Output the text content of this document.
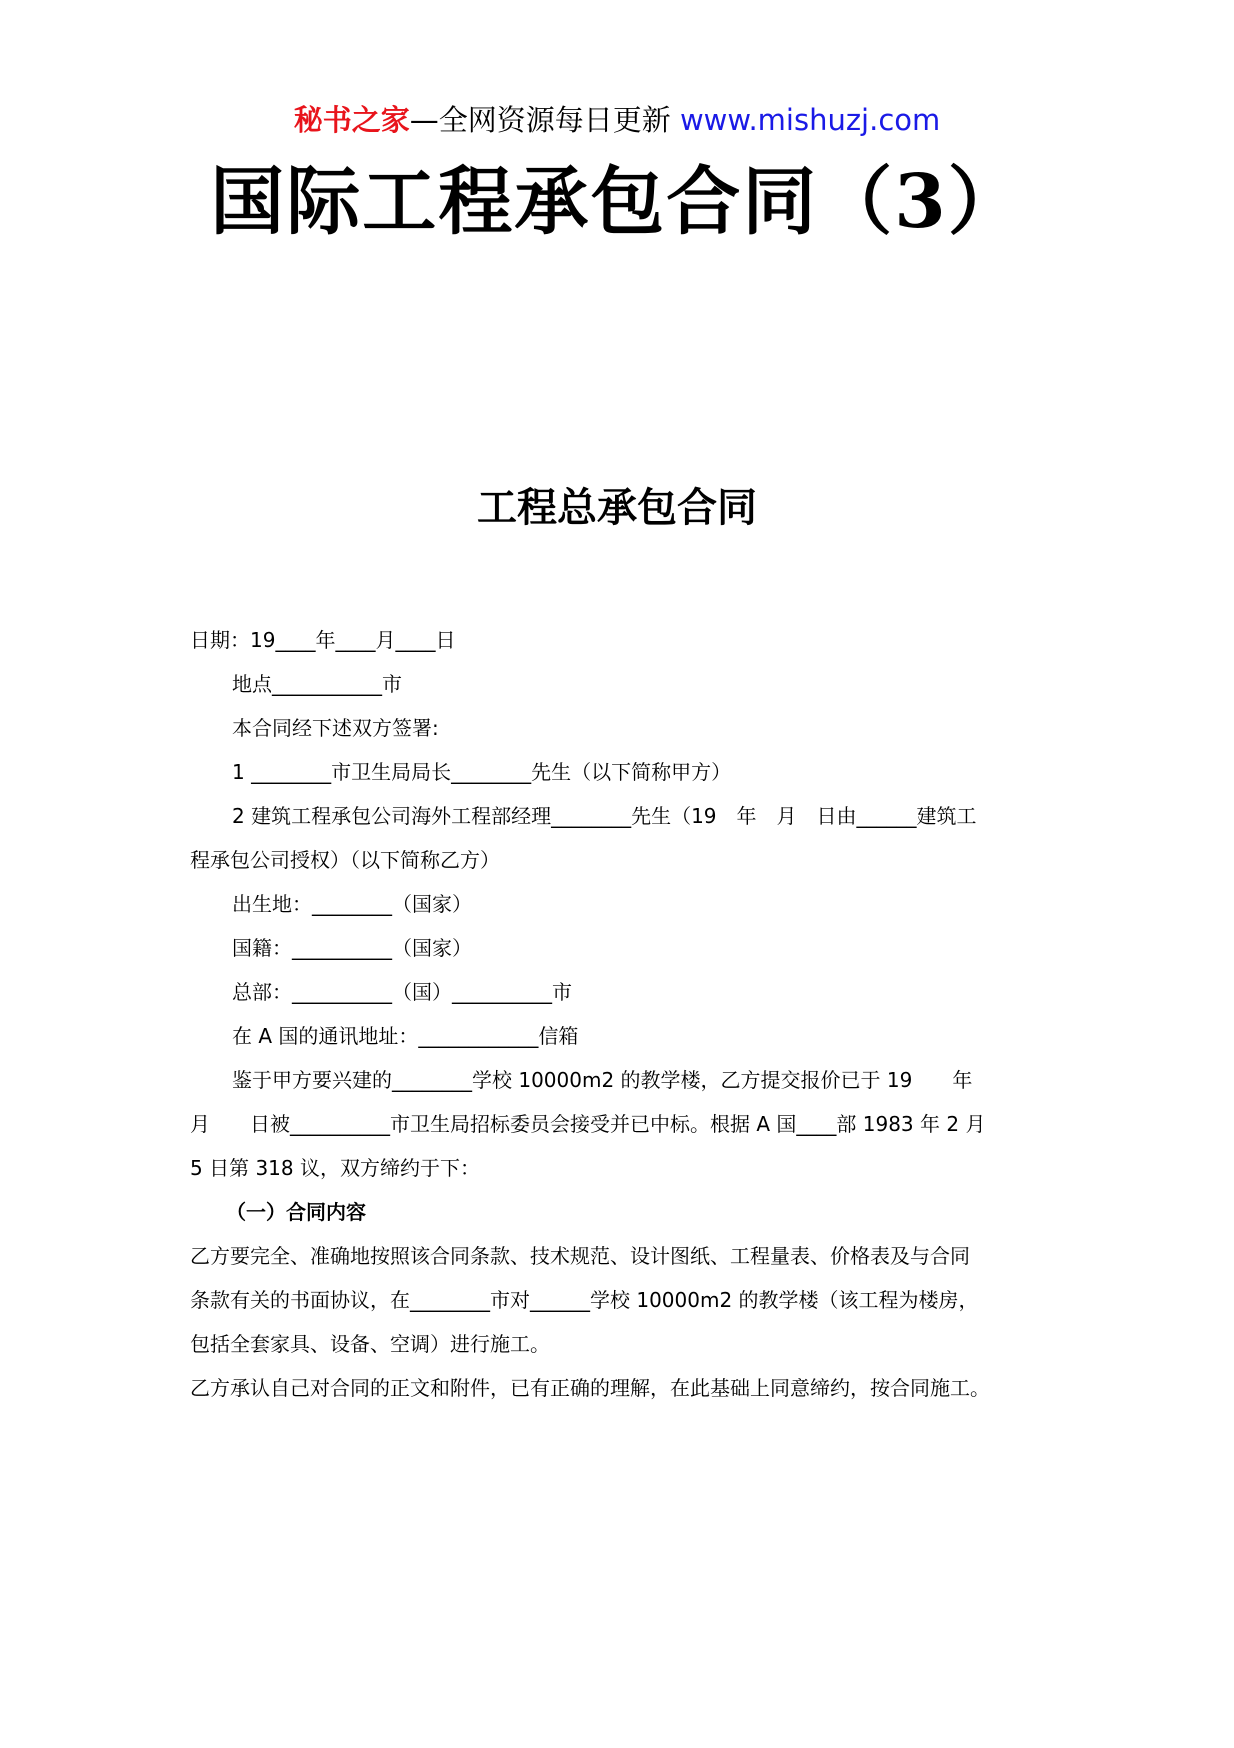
秘书之家—全网资源每日更新 www.mishuzj.com
国际工程承包合同（3）
工程总承包合同
日期：19____年____月____日
地点___________市
本合同经下述双方签署:
1 ________市卫生局局长________先生（以下简称甲方）
2 建筑工程承包公司海外工程部经理________先生（19　年　月　日由______建筑工
程承包公司授权）（以下简称乙方）
出生地：________（国家）
国籍：__________（国家）
总部：__________（国）__________市
在 A 国的通讯地址：____________信箱
鉴于甲方要兴建的________学校 10000m2 的教学楼，乙方提交报价已于 19　　年
月　　日被__________市卫生局招标委员会接受并已中标。根据 A 国____部 1983 年 2 月
5 日第 318 议，双方缔约于下：
（一）合同内容
乙方要完全、准确地按照该合同条款、技术规范、设计图纸、工程量表、价格表及与合同
条款有关的书面协议，在________市对______学校 10000m2 的教学楼（该工程为楼房，
包括全套家具、设备、空调）进行施工。
乙方承认自己对合同的正文和附件，已有正确的理解，在此基础上同意缔约，按合同施工。
